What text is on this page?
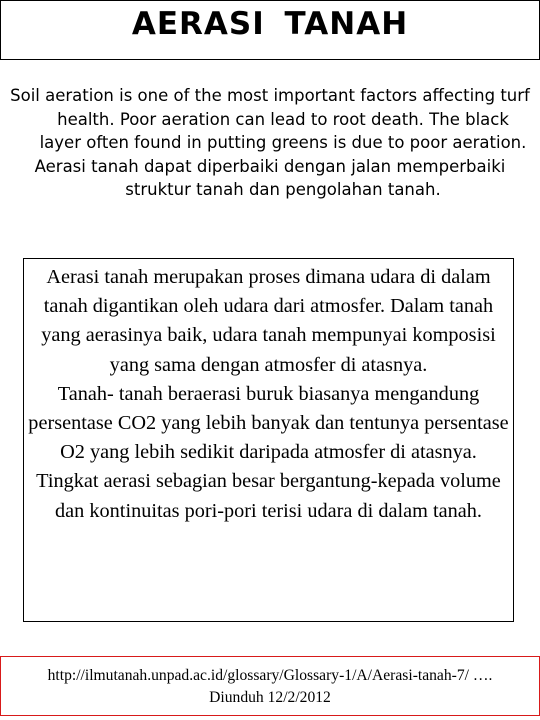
AERASI TANAH

Soil aeration is one of the most important factors affecting turf health. Poor aeration can lead to root death. The black layer often found in putting greens is due to poor aeration.

Aerasi tanah dapat diperbaiki dengan jalan memperbaiki struktur tanah dan pengolahan tanah.

Aerasi tanah merupakan proses dimana udara di dalam tanah digantikan oleh udara dari atmosfer. Dalam tanah yang aerasinya baik, udara tanah mempunyai komposisi yang sama dengan atmosfer di atasnya.

Tanah- tanah beraerasi buruk biasanya mengandung persentase CO2 yang lebih banyak dan tentunya persentase O2 yang lebih sedikit daripada atmosfer di atasnya.

Tingkat aerasi sebagian besar bergantung-kepada volume dan kontinuitas pori-pori terisi udara di dalam tanah.

http://ilmutanah.unpad.ac.id/glossary/Glossary-1/A/Aerasi-tanah-7/ ….
Diunduh 12/2/2012
